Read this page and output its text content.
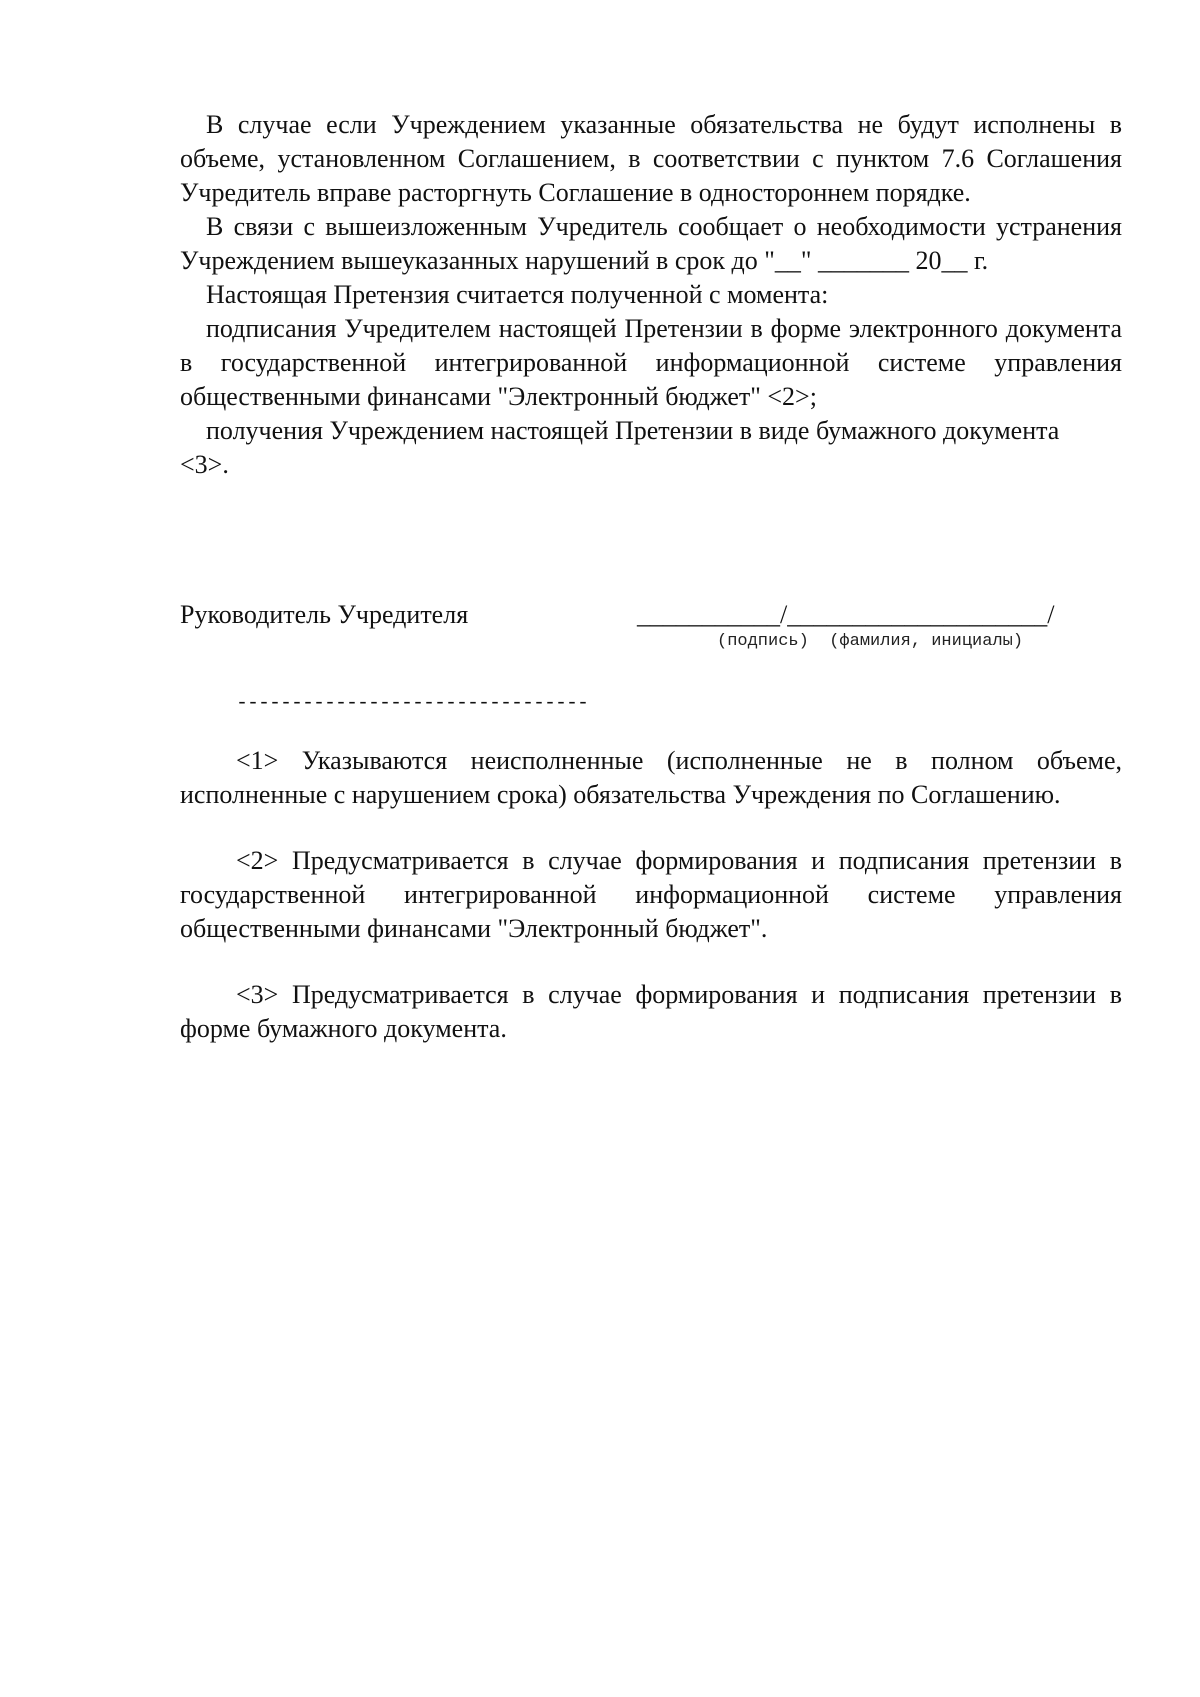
В случае если Учреждением указанные обязательства не будут исполнены в объеме, установленном Соглашением, в соответствии с пунктом 7.6 Соглашения Учредитель вправе расторгнуть Соглашение в одностороннем порядке.

В связи с вышеизложенным Учредитель сообщает о необходимости устранения Учреждением вышеуказанных нарушений в срок до "__" _______ 20__ г.

Настоящая Претензия считается полученной с момента:

подписания Учредителем настоящей Претензии в форме электронного документа в государственной интегрированной информационной системе управления общественными финансами "Электронный бюджет" <2>;

получения Учреждением настоящей Претензии в виде бумажного документа

<3>.

Руководитель Учредителя	___________/____________________/
(подпись)  (фамилия, инициалы)
--------------------------------

<1> Указываются неисполненные (исполненные не в полном объеме, исполненные с нарушением срока) обязательства Учреждения по Соглашению.

<2> Предусматривается в случае формирования и подписания претензии в государственной интегрированной информационной системе управления общественными финансами "Электронный бюджет".

<3> Предусматривается в случае формирования и подписания претензии в форме бумажного документа.
